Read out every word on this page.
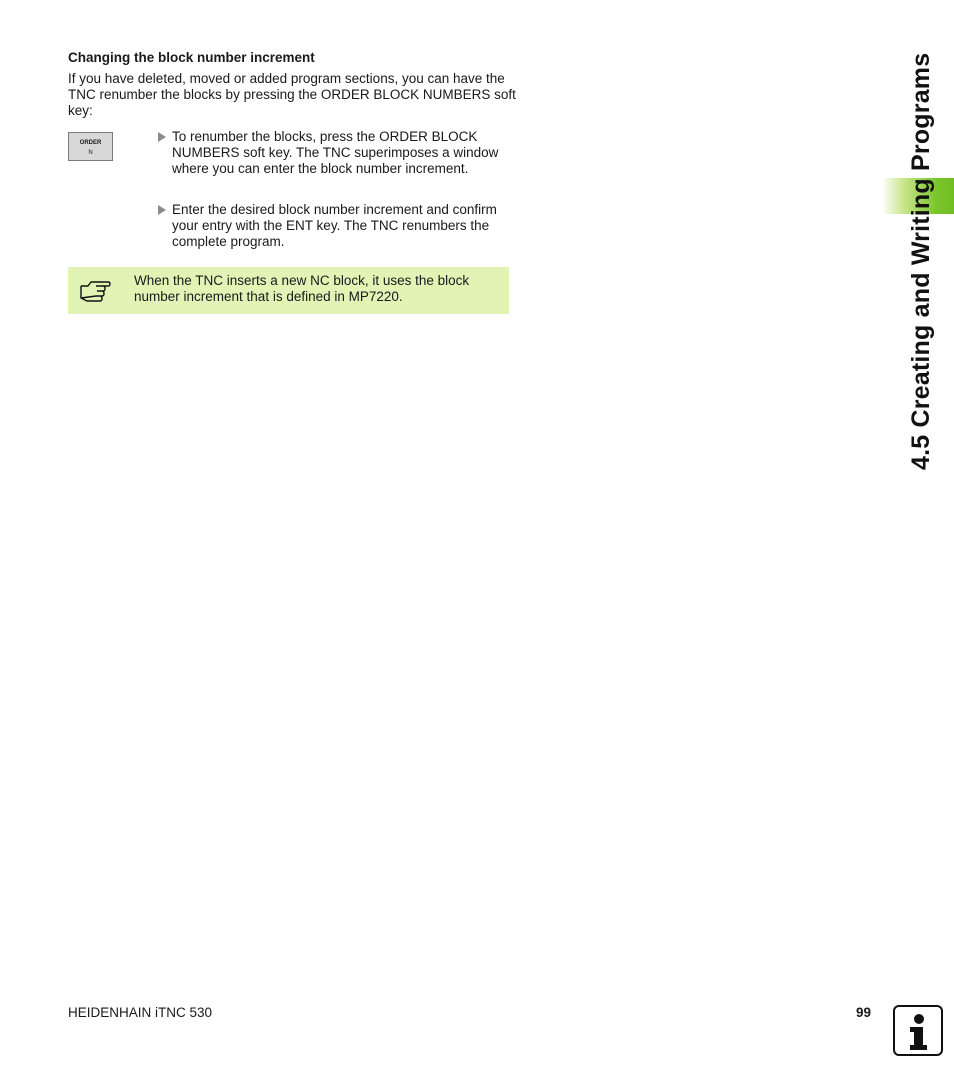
Changing the block number increment

If you have deleted, moved or added program sections, you can have the TNC renumber the blocks by pressing the ORDER BLOCK NUMBERS soft key:

ORDER
N
To renumber the blocks, press the ORDER BLOCK NUMBERS soft key. The TNC superimposes a window where you can enter the block number increment.
Enter the desired block number increment and confirm your entry with the ENT key. The TNC renumbers the complete program.
When the TNC inserts a new NC block, it uses the block number increment that is defined in MP7220.	4.5 Creating and Writing Programs
HEIDENHAIN iTNC 530	99
